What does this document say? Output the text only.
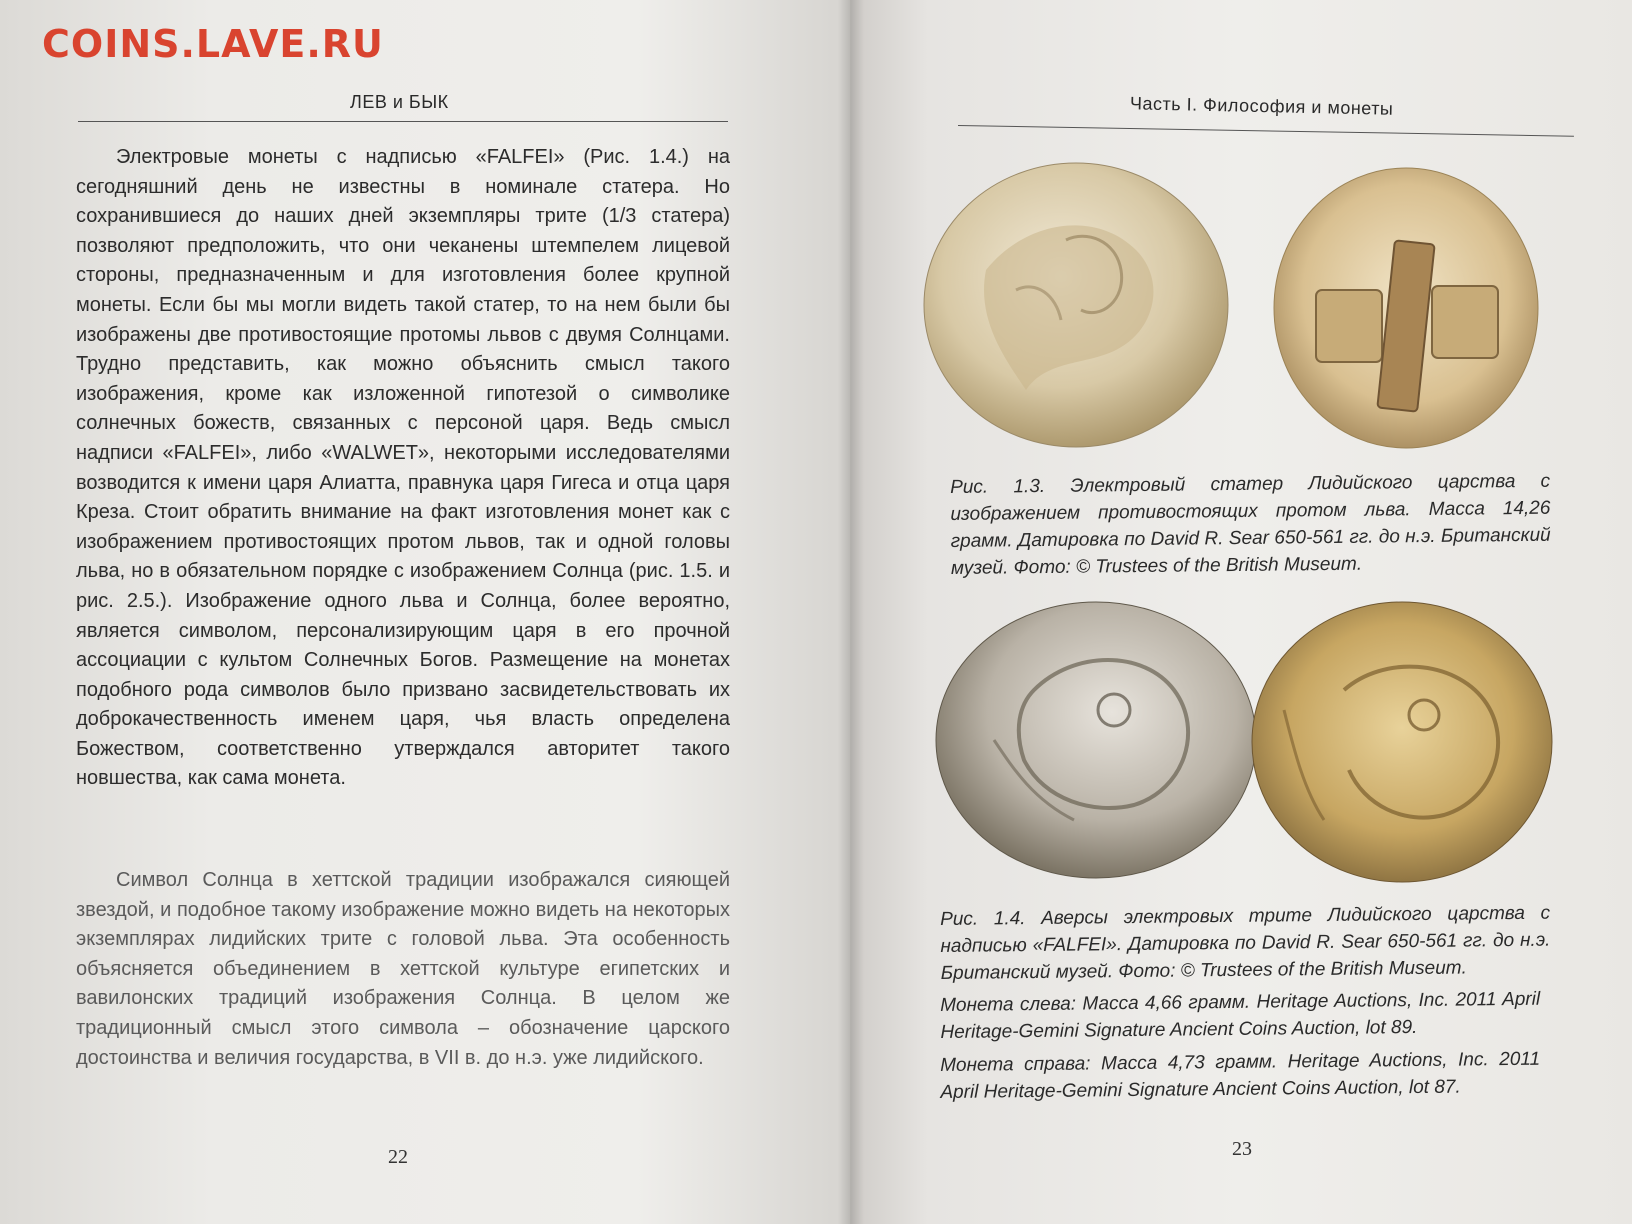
COINS.LAVE.RU
ЛЕВ и БЫК

Электровые монеты с надписью «FALFEI» (Рис. 1.4.) на сегодняшний день не известны в номинале статера. Но сохранившиеся до наших дней экземпляры трите (1/3 статера) позволяют предположить, что они чеканены штемпелем лицевой стороны, предназначенным и для изготовления более крупной монеты. Если бы мы могли видеть такой статер, то на нем были бы изображены две противостоящие протомы львов с двумя Солнцами. Трудно представить, как можно объяснить смысл такого изображения, кроме как изложенной гипотезой о символике солнечных божеств, связанных с персоной царя. Ведь смысл надписи «FALFEI», либо «WALWET», некоторыми исследователями возводится к имени царя Алиатта, правнука царя Гигеса и отца царя Креза. Стоит обратить внимание на факт изготовления монет как с изображением противостоящих протом львов, так и одной головы льва, но в обязательном порядке с изображением Солнца (рис. 1.5. и рис. 2.5.). Изображение одного льва и Солнца, более вероятно, является символом, персонализирующим царя в его прочной ассоциации с культом Солнечных Богов. Размещение на монетах подобного рода символов было призвано засвидетельствовать их доброкачественность именем царя, чья власть определена Божеством, соответственно утверждался авторитет такого новшества, как сама монета.

Символ Солнца в хеттской традиции изображался сияющей звездой, и подобное такому изображение можно видеть на некоторых экземплярах лидийских трите с головой льва. Эта особенность объясняется объединением в хеттской культуре египетских и вавилонских традиций изображения Солнца. В целом же традиционный смысл этого символа – обозначение царского достоинства и величия государства, в VII в. до н.э. уже лидийского.

22
Часть I. Философия и монеты

Рис. 1.3. Электровый статер Лидийского царства с изображением противостоящих протом льва. Масса 14,26 грамм. Датировка по David R. Sear 650-561 гг. до н.э. Британский музей. Фото: © Trustees of the British Museum.

Рис. 1.4. Аверсы электровых трите Лидийского царства с надписью «FALFEI». Датировка по David R. Sear 650-561 гг. до н.э. Британский музей. Фото: © Trustees of the British Museum.

Монета слева: Масса 4,66 грамм. Heritage Auctions, Inc. 2011 April Heritage-Gemini Signature Ancient Coins Auction, lot 89.

Монета справа: Масса 4,73 грамм. Heritage Auctions, Inc. 2011 April Heritage-Gemini Signature Ancient Coins Auction, lot 87.

23
